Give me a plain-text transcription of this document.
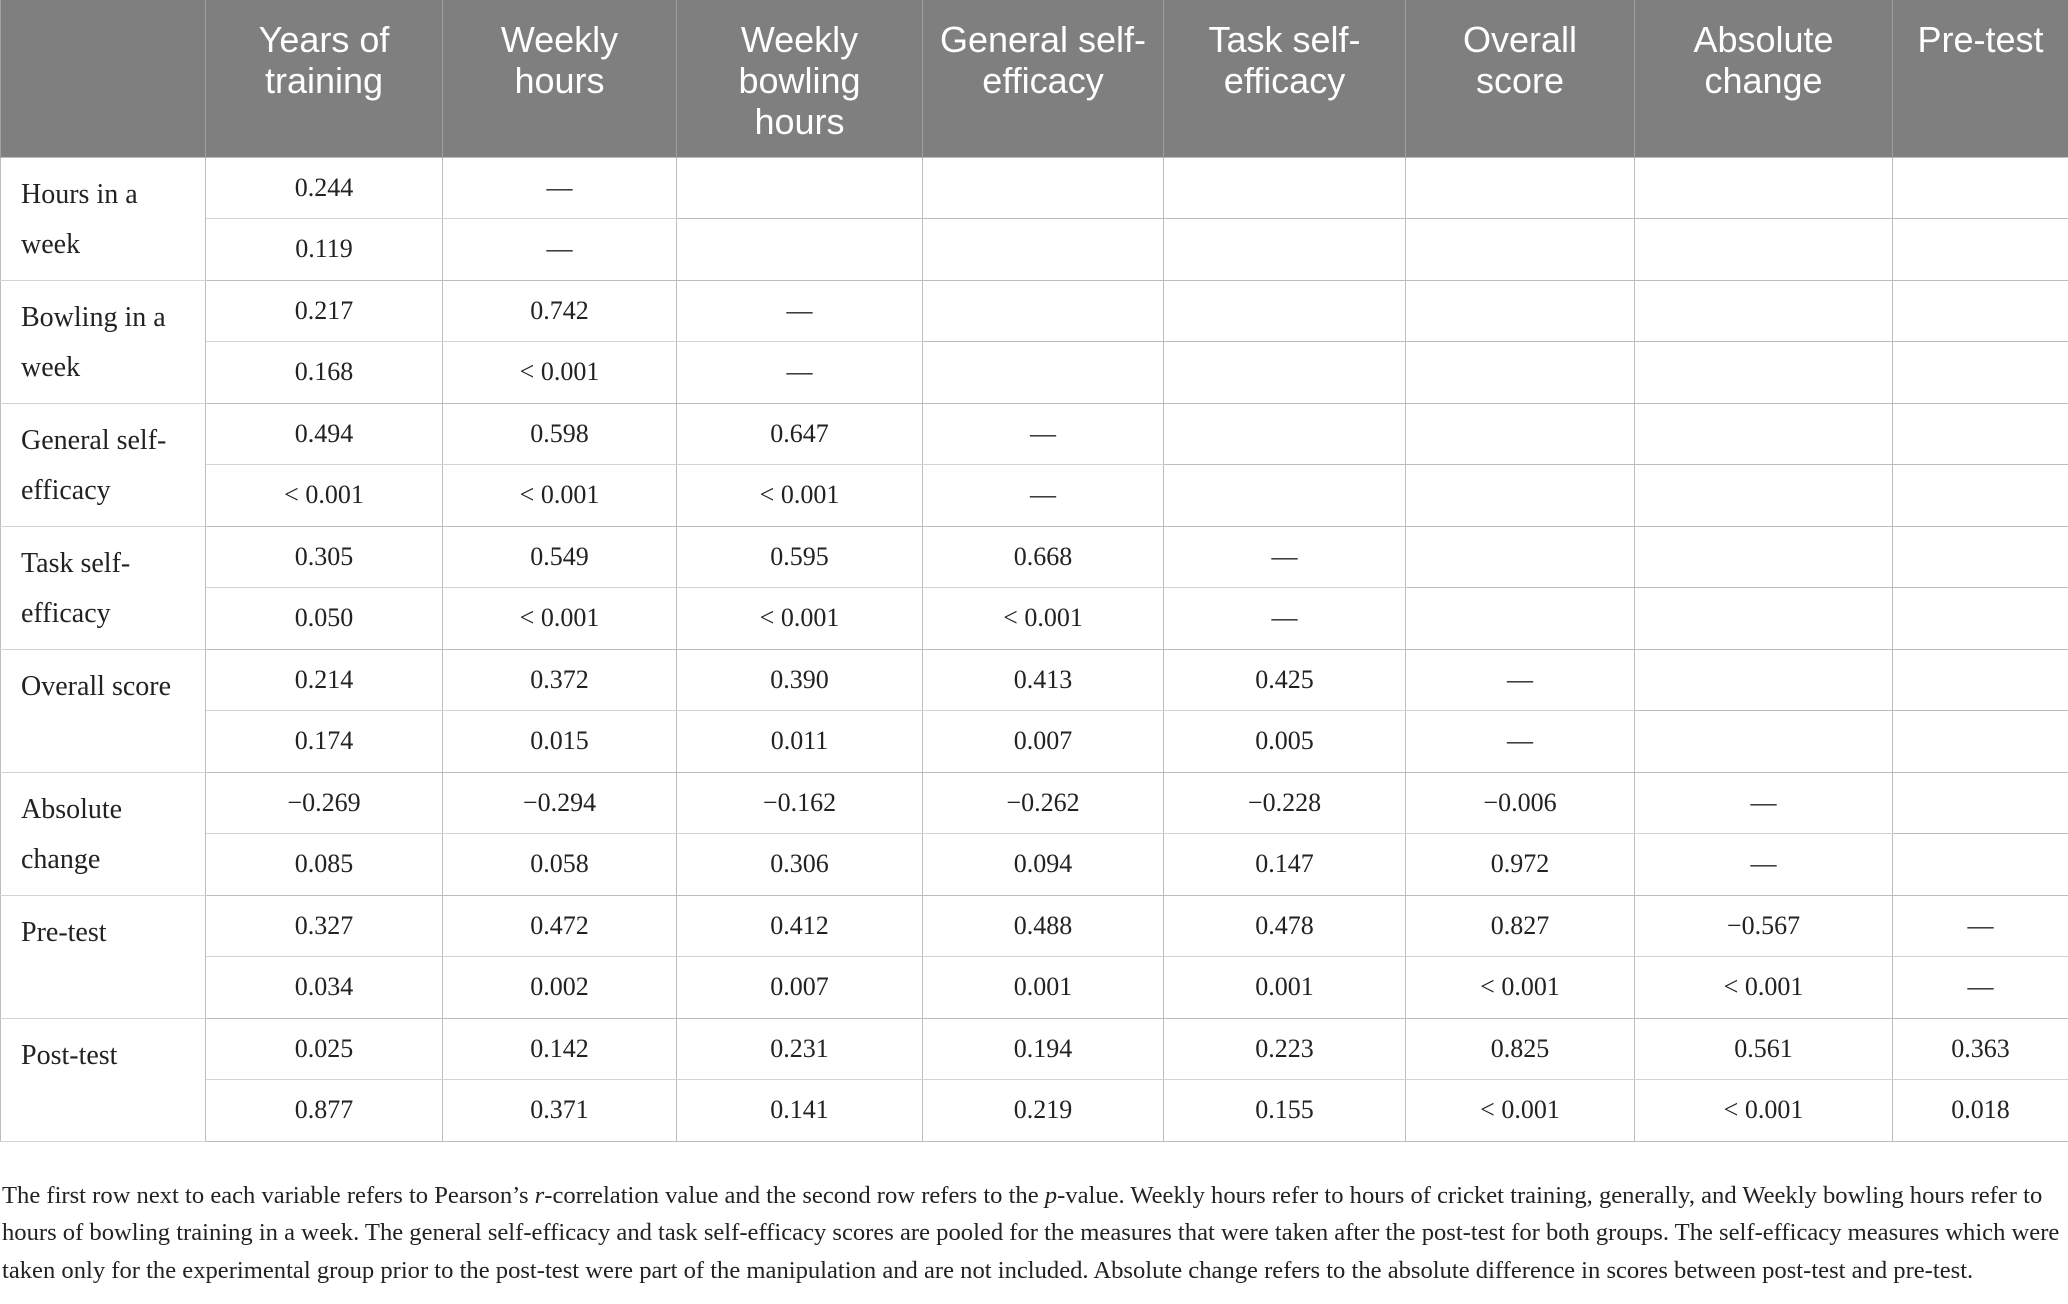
	Years of training	Weekly hours	Weekly bowling hours	General self-efficacy	Task self-efficacy	Overall score	Absolute change	Pre-test
Hours in a week	0.244	—						
	0.119	—						
Bowling in a week	0.217	0.742	—					
	0.168	< 0.001	—					
General self-efficacy	0.494	0.598	0.647	—				
	< 0.001	< 0.001	< 0.001	—				
Task self-efficacy	0.305	0.549	0.595	0.668	—			
	0.050	< 0.001	< 0.001	< 0.001	—			
Overall score	0.214	0.372	0.390	0.413	0.425	—		
	0.174	0.015	0.011	0.007	0.005	—		
Absolute change	−0.269	−0.294	−0.162	−0.262	−0.228	−0.006	—	
	0.085	0.058	0.306	0.094	0.147	0.972	—	
Pre-test	0.327	0.472	0.412	0.488	0.478	0.827	−0.567	—
	0.034	0.002	0.007	0.001	0.001	< 0.001	< 0.001	—
Post-test	0.025	0.142	0.231	0.194	0.223	0.825	0.561	0.363
	0.877	0.371	0.141	0.219	0.155	< 0.001	< 0.001	0.018

The first row next to each variable refers to Pearson’s r-correlation value and the second row refers to the p-value. Weekly hours refer to hours of cricket training, generally, and Weekly bowling hours refer to hours of bowling training in a week. The general self-efficacy and task self-efficacy scores are pooled for the measures that were taken after the post-test for both groups. The self-efficacy measures which were taken only for the experimental group prior to the post-test were part of the manipulation and are not included. Absolute change refers to the absolute difference in scores between post-test and pre-test.
